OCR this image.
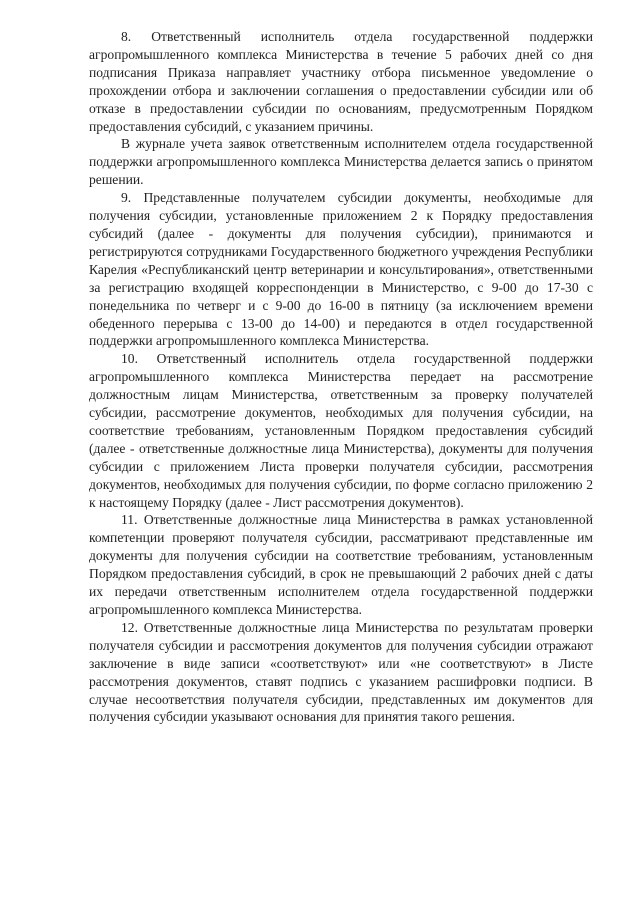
8. Ответственный исполнитель отдела государственной поддержки агропромышленного комплекса Министерства в течение 5 рабочих дней со дня подписания Приказа направляет участнику отбора письменное уведомление о прохождении отбора и заключении соглашения о предоставлении субсидии или об отказе в предоставлении субсидии по основаниям, предусмотренным Порядком предоставления субсидий, с указанием причины.

В журнале учета заявок ответственным исполнителем отдела государственной поддержки агропромышленного комплекса Министерства делается запись о принятом решении.

9. Представленные получателем субсидии документы, необходимые для получения субсидии, установленные приложением 2 к Порядку предоставления субсидий (далее - документы для получения субсидии), принимаются и регистрируются сотрудниками Государственного бюджетного учреждения Республики Карелия «Республиканский центр ветеринарии и консультирования», ответственными за регистрацию входящей корреспонденции в Министерство, с 9-00 до 17-30 с понедельника по четверг и с 9-00 до 16-00 в пятницу (за исключением времени обеденного перерыва с 13-00 до 14-00) и передаются в отдел государственной поддержки агропромышленного комплекса Министерства.

10. Ответственный исполнитель отдела государственной поддержки агропромышленного комплекса Министерства передает на рассмотрение должностным лицам Министерства, ответственным за проверку получателей субсидии, рассмотрение документов, необходимых для получения субсидии, на соответствие требованиям, установленным Порядком предоставления субсидий (далее - ответственные должностные лица Министерства), документы для получения субсидии с приложением Листа проверки получателя субсидии, рассмотрения документов, необходимых для получения субсидии, по форме согласно приложению 2 к настоящему Порядку (далее - Лист рассмотрения документов).

11. Ответственные должностные лица Министерства в рамках установленной компетенции проверяют получателя субсидии, рассматривают представленные им документы для получения субсидии на соответствие требованиям, установленным Порядком предоставления субсидий, в срок не превышающий 2 рабочих дней с даты их передачи ответственным исполнителем отдела государственной поддержки агропромышленного комплекса Министерства.

12. Ответственные должностные лица Министерства по результатам проверки получателя субсидии и рассмотрения документов для получения субсидии отражают заключение в виде записи «соответствуют» или «не соответствуют» в Листе рассмотрения документов, ставят подпись с указанием расшифровки подписи. В случае несоответствия получателя субсидии, представленных им документов для получения субсидии указывают основания для принятия такого решения.
